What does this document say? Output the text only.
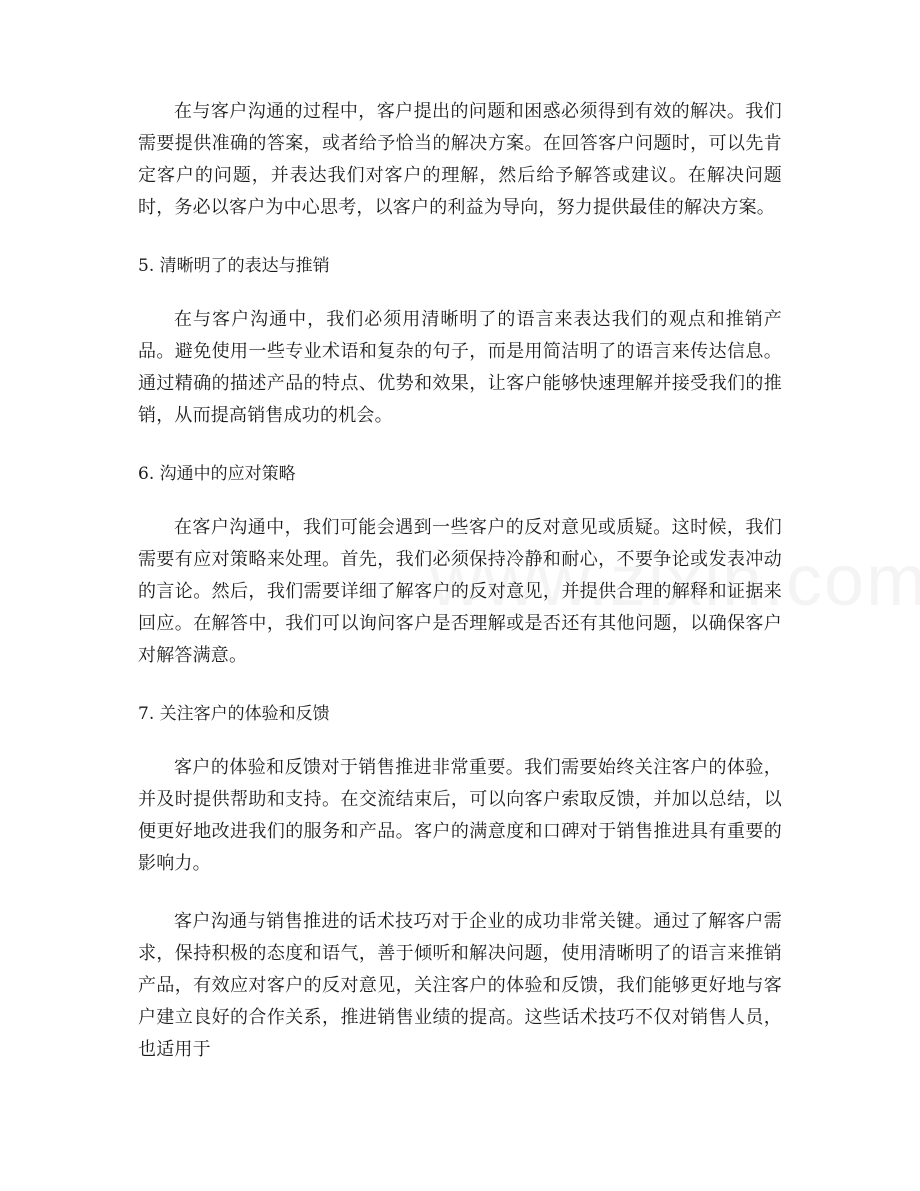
在与客户沟通的过程中，客户提出的问题和困惑必须得到有效的解决。我们需要提供准确的答案，或者给予恰当的解决方案。在回答客户问题时，可以先肯定客户的问题，并表达我们对客户的理解，然后给予解答或建议。在解决问题时，务必以客户为中心思考，以客户的利益为导向，努力提供最佳的解决方案。

5. 清晰明了的表达与推销

在与客户沟通中，我们必须用清晰明了的语言来表达我们的观点和推销产品。避免使用一些专业术语和复杂的句子，而是用简洁明了的语言来传达信息。通过精确的描述产品的特点、优势和效果，让客户能够快速理解并接受我们的推销，从而提高销售成功的机会。

6. 沟通中的应对策略

在客户沟通中，我们可能会遇到一些客户的反对意见或质疑。这时候，我们需要有应对策略来处理。首先，我们必须保持冷静和耐心，不要争论或发表冲动的言论。然后，我们需要详细了解客户的反对意见，并提供合理的解释和证据来回应。在解答中，我们可以询问客户是否理解或是否还有其他问题，以确保客户对解答满意。

7. 关注客户的体验和反馈

客户的体验和反馈对于销售推进非常重要。我们需要始终关注客户的体验，并及时提供帮助和支持。在交流结束后，可以向客户索取反馈，并加以总结，以便更好地改进我们的服务和产品。客户的满意度和口碑对于销售推进具有重要的影响力。

客户沟通与销售推进的话术技巧对于企业的成功非常关键。通过了解客户需求，保持积极的态度和语气，善于倾听和解决问题，使用清晰明了的语言来推销产品，有效应对客户的反对意见，关注客户的体验和反馈，我们能够更好地与客户建立良好的合作关系，推进销售业绩的提高。这些话术技巧不仅对销售人员，也适用于
